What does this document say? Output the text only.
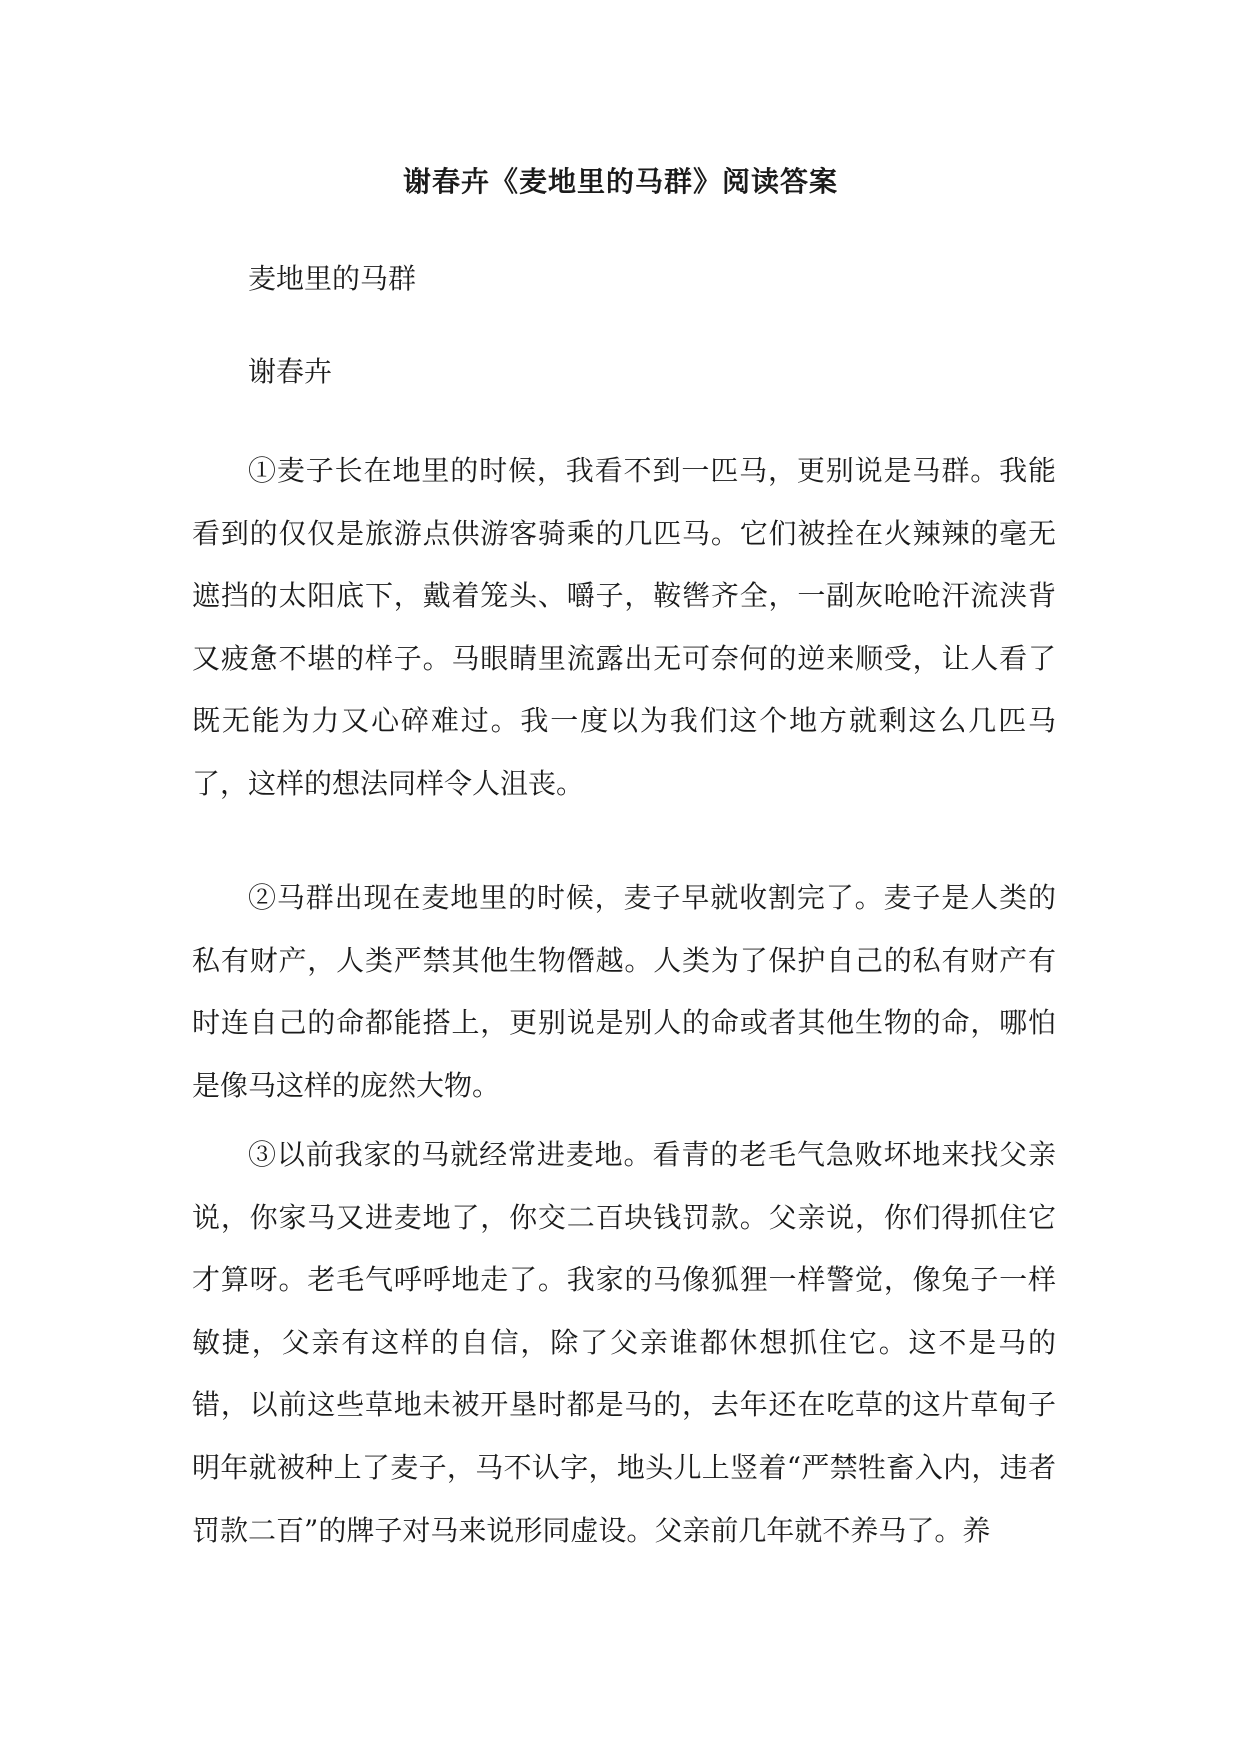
谢春卉《麦地里的马群》阅读答案

麦地里的马群

谢春卉

①麦子长在地里的时候，我看不到一匹马，更别说是马群。我能看到的仅仅是旅游点供游客骑乘的几匹马。它们被拴在火辣辣的毫无遮挡的太阳底下，戴着笼头、嚼子，鞍辔齐全，一副灰呛呛汗流浃背又疲惫不堪的样子。马眼睛里流露出无可奈何的逆来顺受，让人看了既无能为力又心碎难过。我一度以为我们这个地方就剩这么几匹马了，这样的想法同样令人沮丧。

②马群出现在麦地里的时候，麦子早就收割完了。麦子是人类的私有财产，人类严禁其他生物僭越。人类为了保护自己的私有财产有时连自己的命都能搭上，更别说是别人的命或者其他生物的命，哪怕是像马这样的庞然大物。

③以前我家的马就经常进麦地。看青的老毛气急败坏地来找父亲说，你家马又进麦地了，你交二百块钱罚款。父亲说，你们得抓住它才算呀。老毛气呼呼地走了。我家的马像狐狸一样警觉，像兔子一样敏捷，父亲有这样的自信，除了父亲谁都休想抓住它。这不是马的错，以前这些草地未被开垦时都是马的，去年还在吃草的这片草甸子明年就被种上了麦子，马不认字，地头儿上竖着“严禁牲畜入内，违者罚款二百”的牌子对马来说形同虚设。父亲前几年就不养马了。养
